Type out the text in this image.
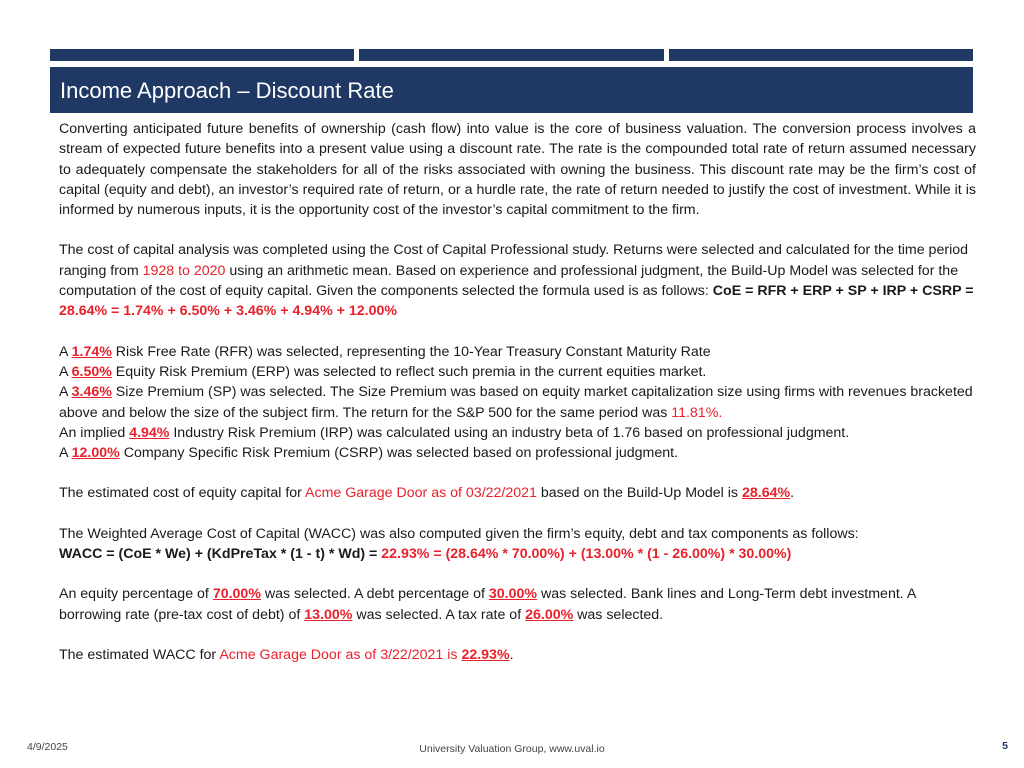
Income Approach – Discount Rate

Converting anticipated future benefits of ownership (cash flow) into value is the core of business valuation. The conversion process involves a stream of expected future benefits into a present value using a discount rate. The rate is the compounded total rate of return assumed necessary to adequately compensate the stakeholders for all of the risks associated with owning the business. This discount rate may be the firm’s cost of capital (equity and debt), an investor’s required rate of return, or a hurdle rate, the rate of return needed to justify the cost of investment. While it is informed by numerous inputs, it is the opportunity cost of the investor’s capital commitment to the firm.

The cost of capital analysis was completed using the Cost of Capital Professional study. Returns were selected and calculated for the time period ranging from 1928 to 2020 using an arithmetic mean. Based on experience and professional judgment, the Build-Up Model was selected for the computation of the cost of equity capital. Given the components selected the formula used is as follows: CoE = RFR + ERP + SP + IRP + CSRP = 28.64% = 1.74% + 6.50% + 3.46% + 4.94% + 12.00%

A 1.74% Risk Free Rate (RFR) was selected, representing the 10-Year Treasury Constant Maturity Rate

A 6.50% Equity Risk Premium (ERP) was selected to reflect such premia in the current equities market.

A 3.46% Size Premium (SP) was selected. The Size Premium was based on equity market capitalization size using firms with revenues bracketed above and below the size of the subject firm. The return for the S&P 500 for the same period was 11.81%.

An implied 4.94% Industry Risk Premium (IRP) was calculated using an industry beta of 1.76 based on professional judgment.

A 12.00% Company Specific Risk Premium (CSRP) was selected based on professional judgment.

The estimated cost of equity capital for Acme Garage Door as of 03/22/2021 based on the Build-Up Model is 28.64%.

The Weighted Average Cost of Capital (WACC) was also computed given the firm’s equity, debt and tax components as follows:

WACC = (CoE * We) + (KdPreTax * (1 - t) * Wd) = 22.93% = (28.64% * 70.00%) + (13.00% * (1 - 26.00%) * 30.00%)

An equity percentage of 70.00% was selected. A debt percentage of 30.00% was selected. Bank lines and Long-Term debt investment. A borrowing rate (pre-tax cost of debt) of 13.00% was selected. A tax rate of 26.00% was selected.

The estimated WACC for Acme Garage Door as of 3/22/2021 is 22.93%.

4/9/2025	University Valuation Group, www.uval.io	5
